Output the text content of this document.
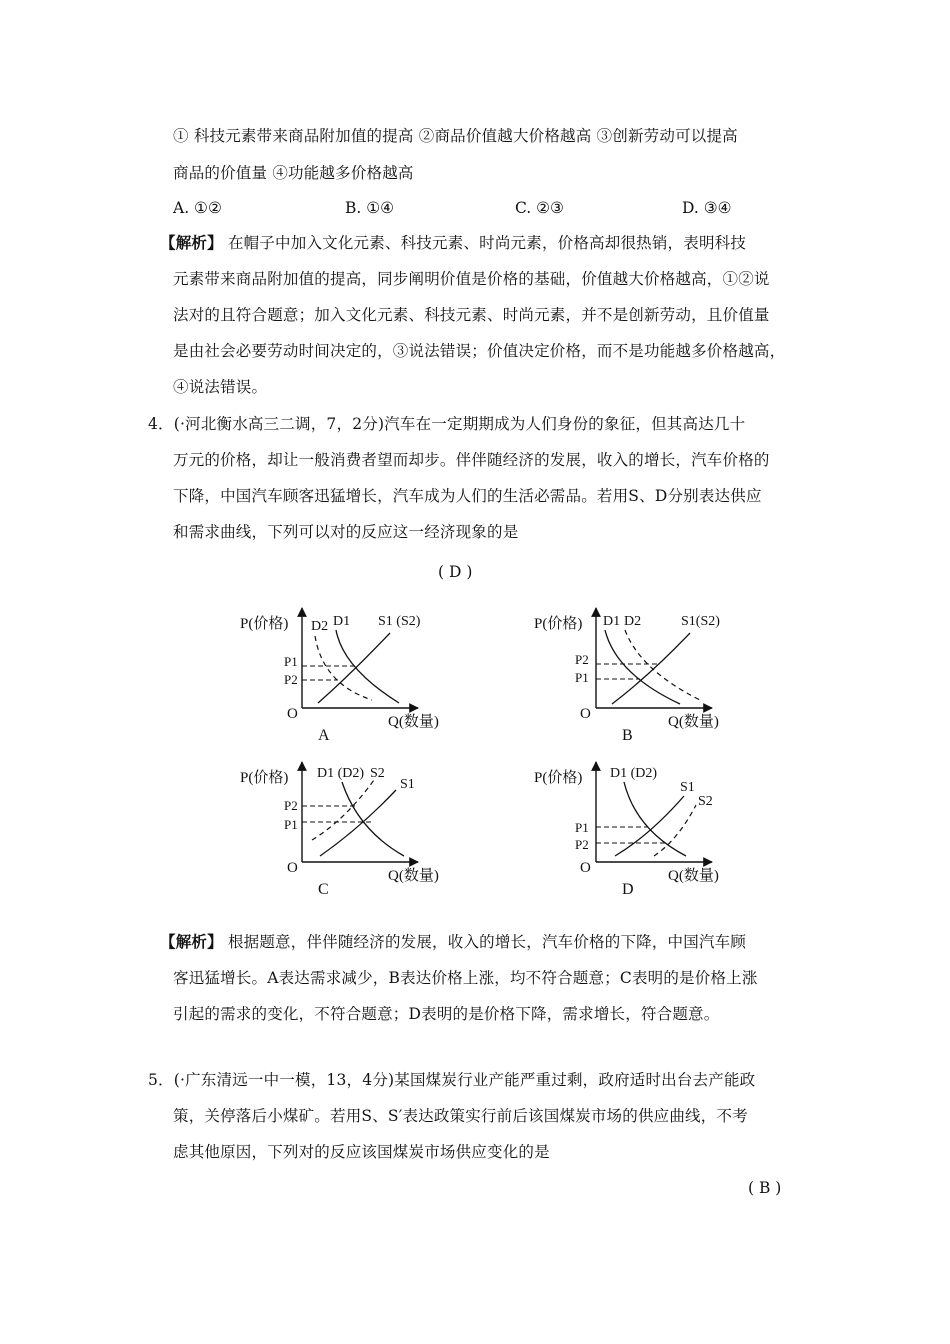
① 科技元素带来商品附加值的提高 ②商品价值越大价格越高 ③创新劳动可以提高
商品的价值量 ④功能越多价格越高
A. ①②	B. ①④	C. ②③	D. ③④
【解析】 在帽子中加入文化元素、科技元素、时尚元素，价格高却很热销，表明科技
元素带来商品附加值的提高，同步阐明价值是价格的基础，价值越大价格越高，①②说
法对的且符合题意；加入文化元素、科技元素、时尚元素，并不是创新劳动，且价值量
是由社会必要劳动时间决定的，③说法错误；价值决定价格，而不是功能越多价格越高，
④说法错误。
4．(·河北衡水高三二调，7，2分)汽车在一定期期成为人们身份的象征，但其高达几十
万元的价格，却让一般消费者望而却步。伴伴随经济的发展，收入的增长，汽车价格的
下降，中国汽车顾客迅猛增长，汽车成为人们的生活必需品。若用S、D分别表达供应
和需求曲线，下列可以对的反应这一经济现象的是
( D )
P(价格)
O	Q(数量)
D2 D1 S1 (S2)
P1
P2
A
P(价格)
O	Q(数量)
D1 D2	S1(S2)
P2
P1
B
P(价格)
O	Q(数量)
D1 (D2) S2
S1
P2
P1
C
P(价格)
O	Q(数量)
D1 (D2)
S1
S2
P1
P2
D
【解析】 根据题意，伴伴随经济的发展，收入的增长，汽车价格的下降，中国汽车顾
客迅猛增长。A表达需求减少，B表达价格上涨，均不符合题意；C表明的是价格上涨
引起的需求的变化，不符合题意；D表明的是价格下降，需求增长，符合题意。
5．(·广东清远一中一模，13，4分)某国煤炭行业产能严重过剩，政府适时出台去产能政
策，关停落后小煤矿。若用S、S′表达政策实行前后该国煤炭市场的供应曲线，不考
虑其他原因，下列对的反应该国煤炭市场供应变化的是
( B )
